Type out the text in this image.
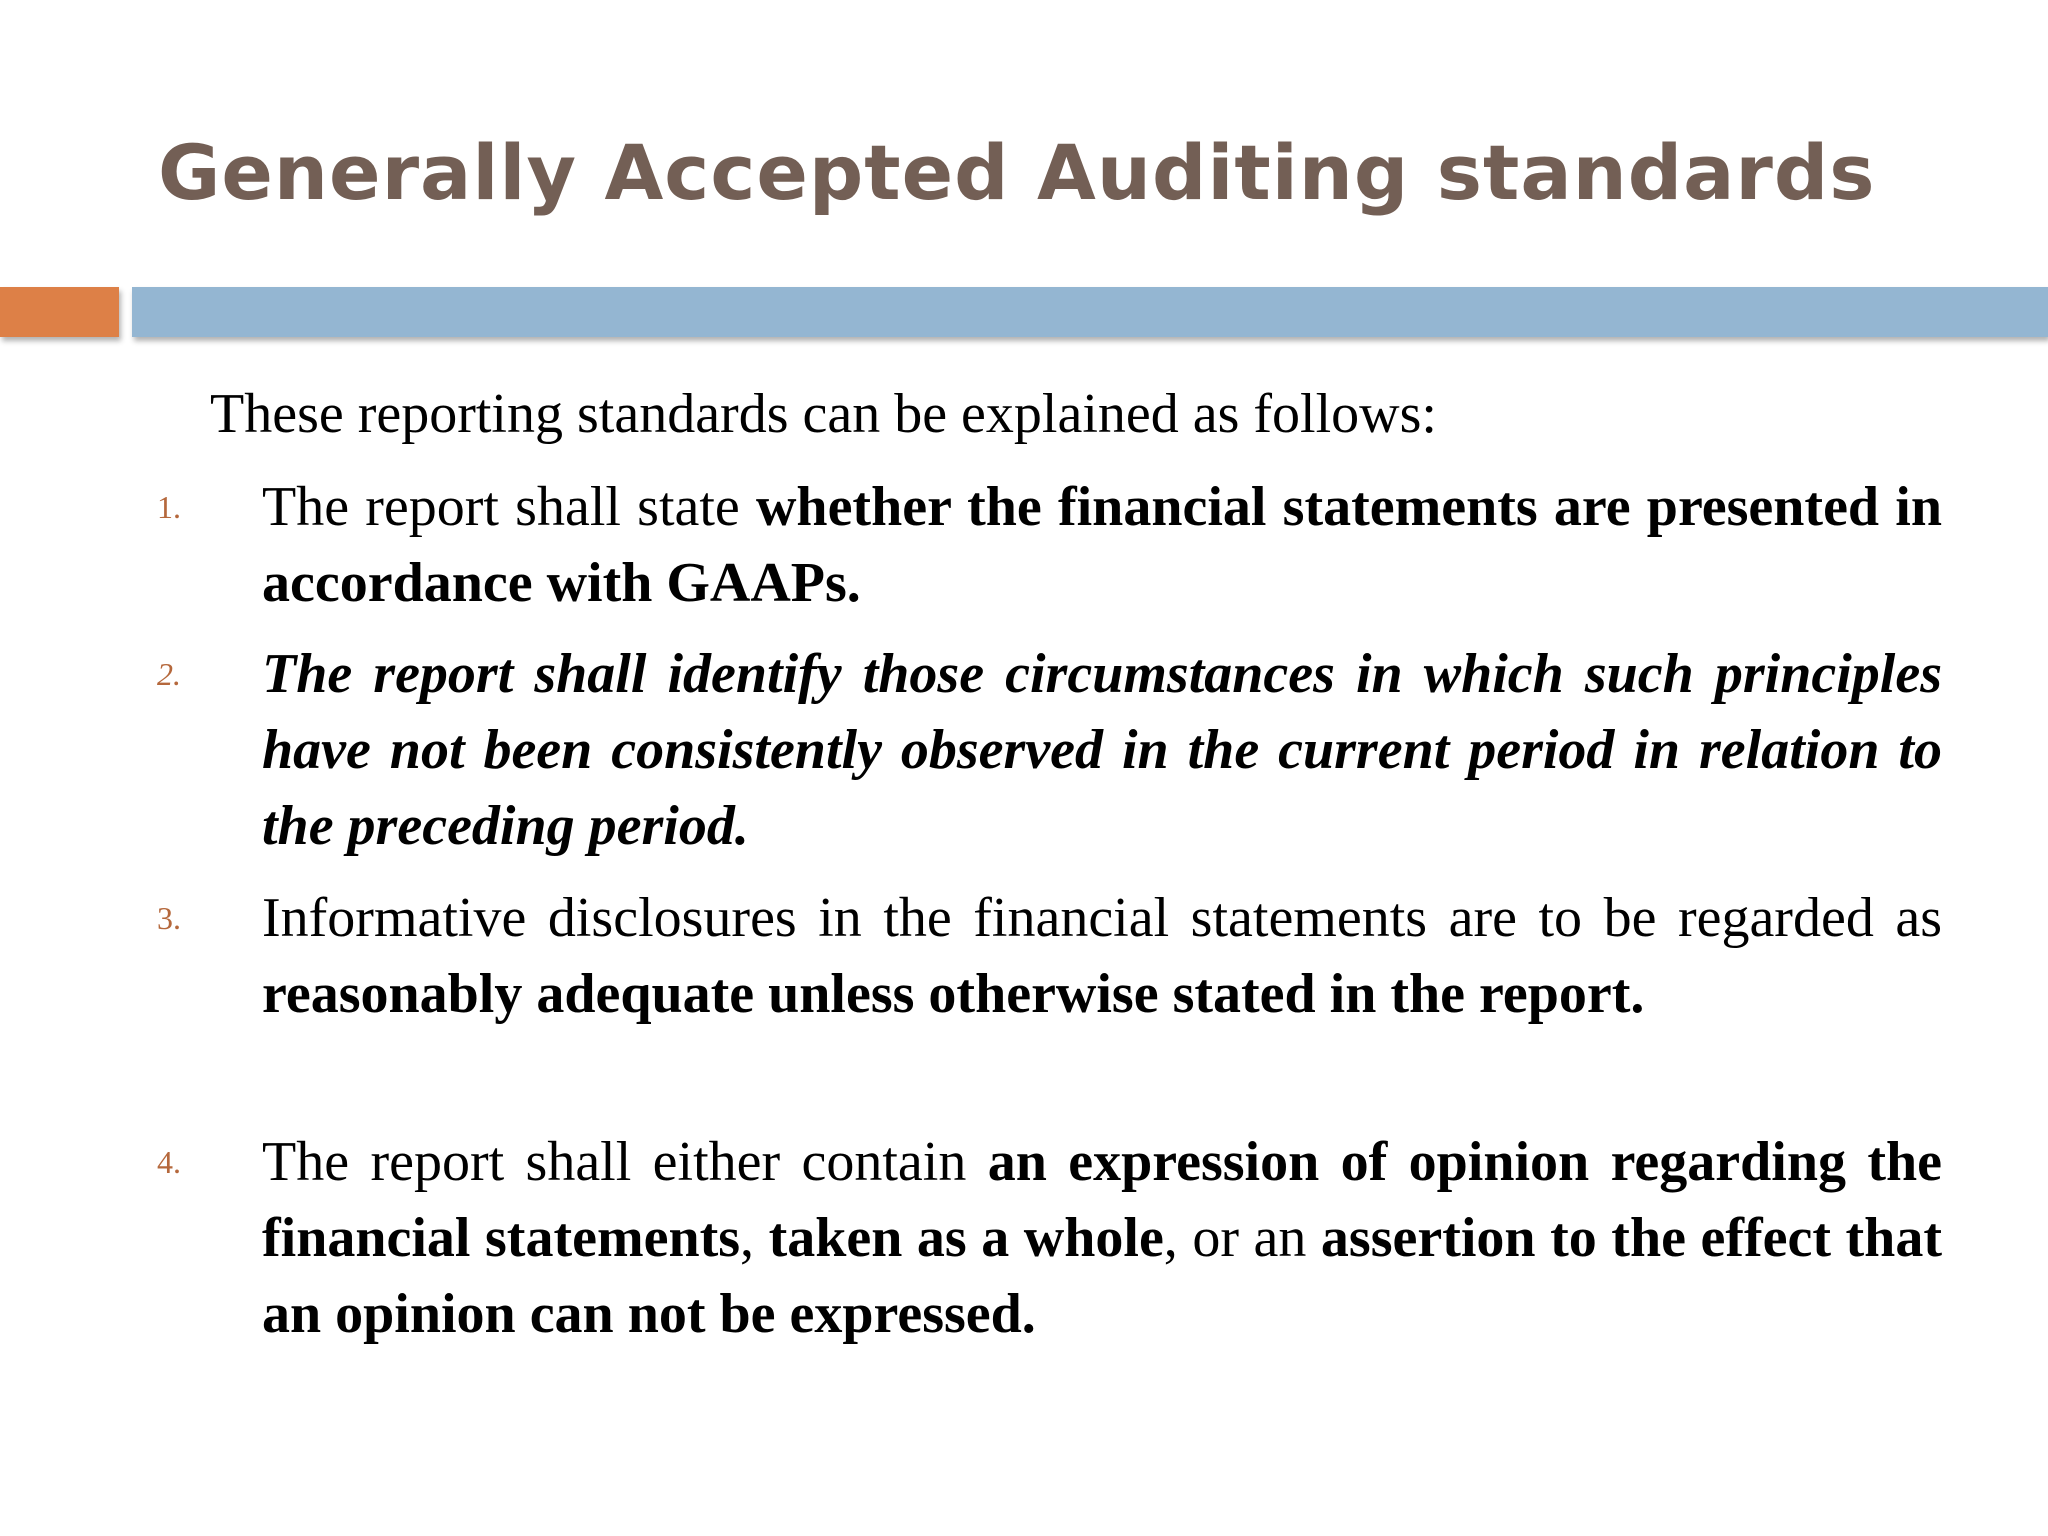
Generally Accepted Auditing standards

These reporting standards can be explained as follows:

1. The report shall state whether the financial statements are presented in accordance with GAAPs.

2. The report shall identify those circumstances in which such principles have not been consistently observed in the current period in relation to the preceding period.

3. Informative disclosures in the financial statements are to be regarded as reasonably adequate unless otherwise stated in the report.

4. The report shall either contain an expression of opinion regarding the financial statements, taken as a whole, or an assertion to the effect that an opinion can not be expressed.
